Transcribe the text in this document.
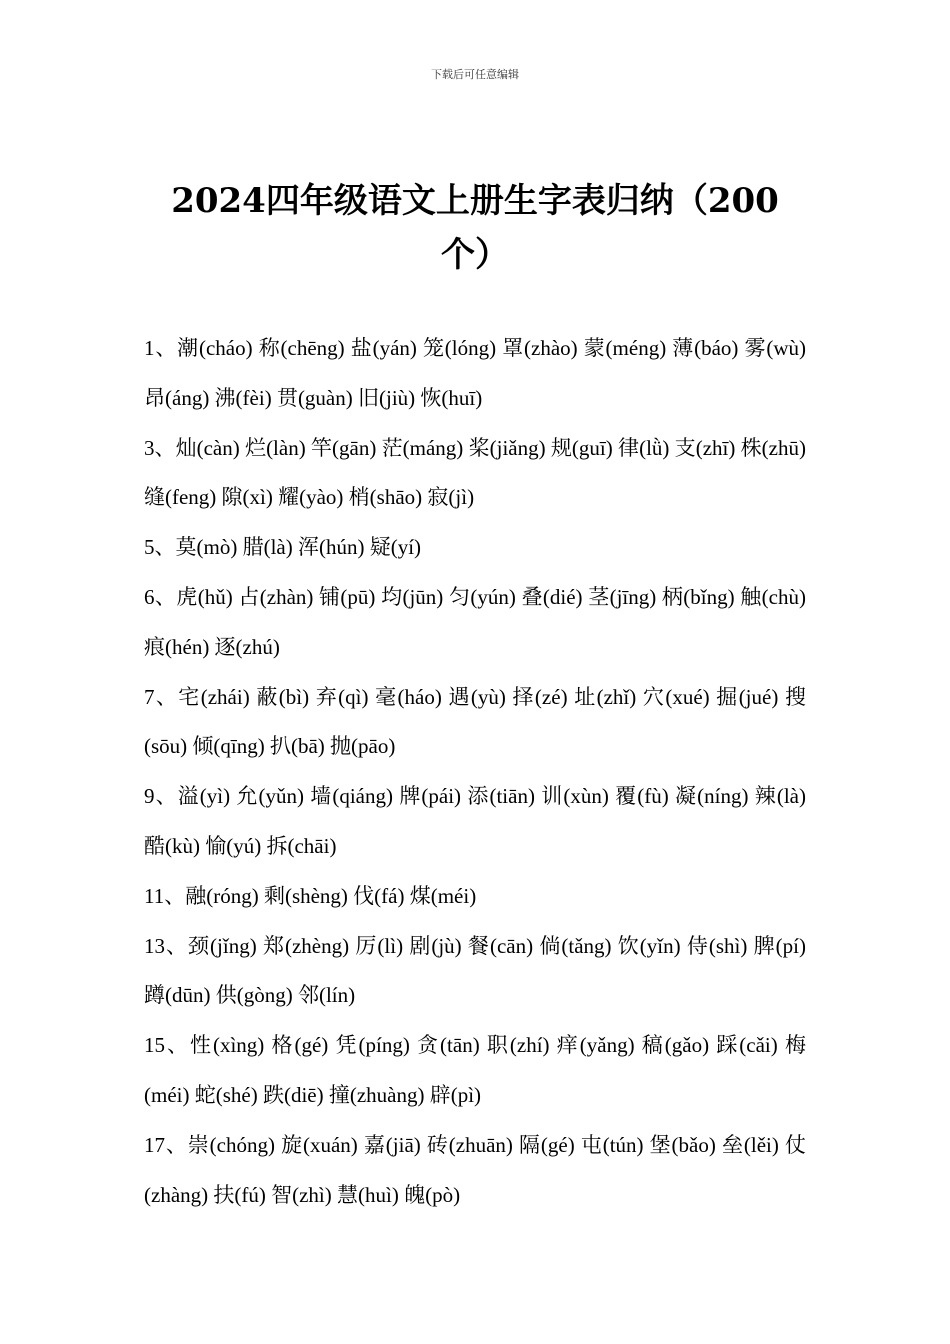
下载后可任意编辑
2024四年级语文上册生字表归纳（200个）

1、潮(cháo) 称(chēng) 盐(yán) 笼(lóng) 罩(zhào) 蒙(méng) 薄(báo) 雾(wù) 昂(áng) 沸(fèi) 贯(guàn) 旧(jiù) 恢(huī)

3、灿(càn) 烂(làn) 竿(gān) 茫(máng) 桨(jiǎng) 规(guī) 律(lǜ) 支(zhī) 株(zhū) 缝(feng) 隙(xì) 耀(yào) 梢(shāo) 寂(jì)

5、莫(mò) 腊(là) 浑(hún) 疑(yí)

6、虎(hǔ) 占(zhàn) 铺(pū) 均(jūn) 匀(yún) 叠(dié) 茎(jīng) 柄(bǐng) 触(chù) 痕(hén) 逐(zhú)

7、宅(zhái) 蔽(bì) 弃(qì) 毫(háo) 遇(yù) 择(zé) 址(zhǐ) 穴(xué) 掘(jué) 搜(sōu) 倾(qīng) 扒(bā) 抛(pāo)

9、溢(yì) 允(yǔn) 墙(qiáng) 牌(pái) 添(tiān) 训(xùn) 覆(fù) 凝(níng) 辣(là) 酷(kù) 愉(yú) 拆(chāi)

11、融(róng) 剩(shèng) 伐(fá) 煤(méi)

13、颈(jǐng) 郑(zhèng) 厉(lì) 剧(jù) 餐(cān) 倘(tǎng) 饮(yǐn) 侍(shì) 脾(pí) 蹲(dūn) 供(gòng) 邻(lín)

15、性(xìng) 格(gé) 凭(píng) 贪(tān) 职(zhí) 痒(yǎng) 稿(gǎo) 踩(cǎi) 梅(méi) 蛇(shé) 跌(diē) 撞(zhuàng) 辟(pì)

17、崇(chóng) 旋(xuán) 嘉(jiā) 砖(zhuān) 隔(gé) 屯(tún) 堡(bǎo) 垒(lěi) 仗(zhàng) 扶(fú) 智(zhì) 慧(huì) 魄(pò)
